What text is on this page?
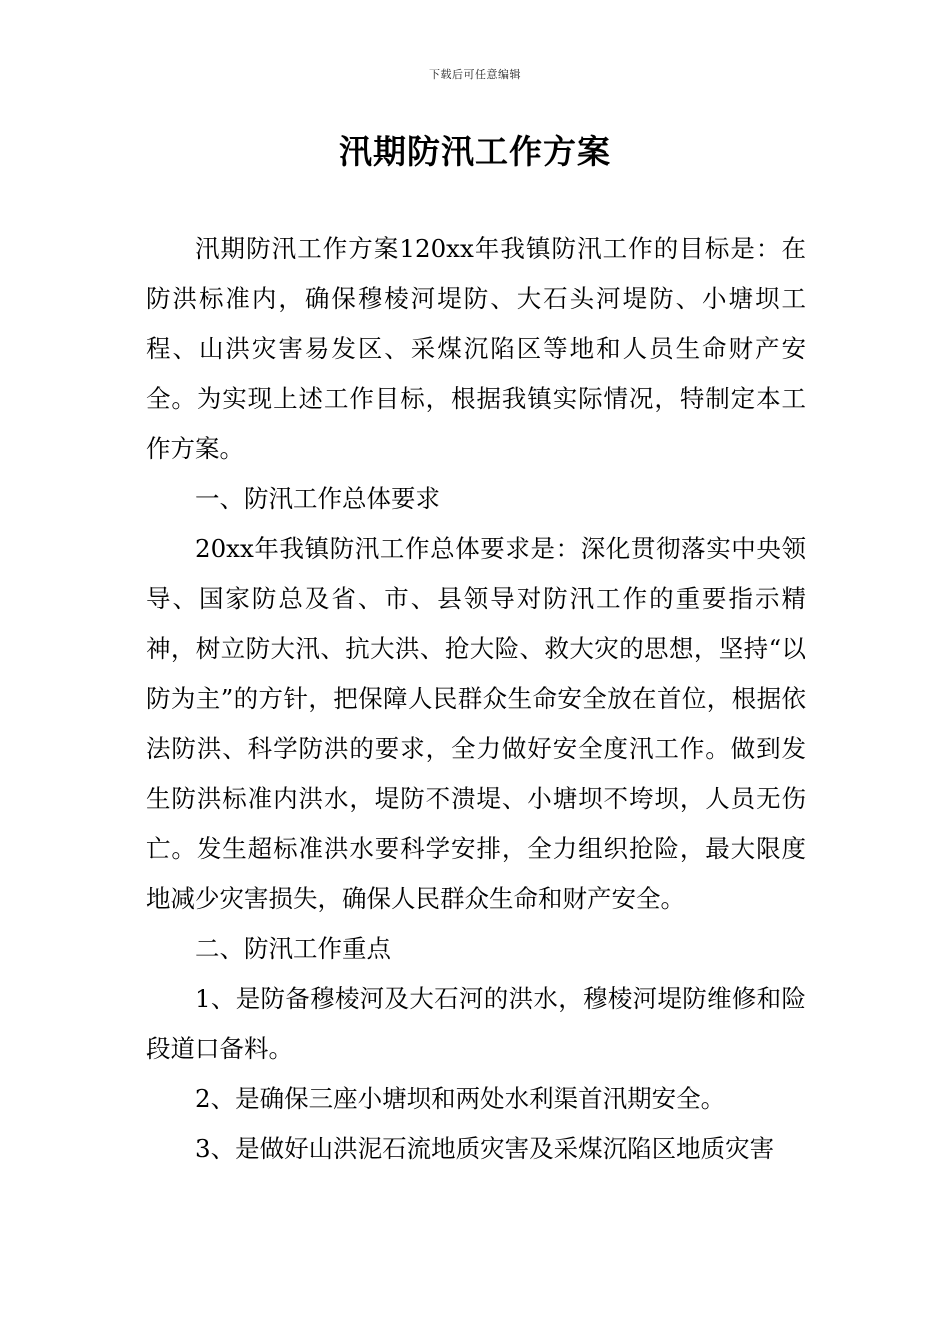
下载后可任意编辑
汛期防汛工作方案

汛期防汛工作方案120xx年我镇防汛工作的目标是：在防洪标准内，确保穆棱河堤防、大石头河堤防、小塘坝工程、山洪灾害易发区、采煤沉陷区等地和人员生命财产安全。为实现上述工作目标，根据我镇实际情况，特制定本工作方案。

一、防汛工作总体要求

20xx年我镇防汛工作总体要求是：深化贯彻落实中央领导、国家防总及省、市、县领导对防汛工作的重要指示精神，树立防大汛、抗大洪、抢大险、救大灾的思想，坚持“以防为主”的方针，把保障人民群众生命安全放在首位，根据依法防洪、科学防洪的要求，全力做好安全度汛工作。做到发生防洪标准内洪水，堤防不溃堤、小塘坝不垮坝，人员无伤亡。发生超标准洪水要科学安排，全力组织抢险，最大限度地减少灾害损失，确保人民群众生命和财产安全。

二、防汛工作重点

1、是防备穆棱河及大石河的洪水，穆棱河堤防维修和险段道口备料。

2、是确保三座小塘坝和两处水利渠首汛期安全。

3、是做好山洪泥石流地质灾害及采煤沉陷区地质灾害
